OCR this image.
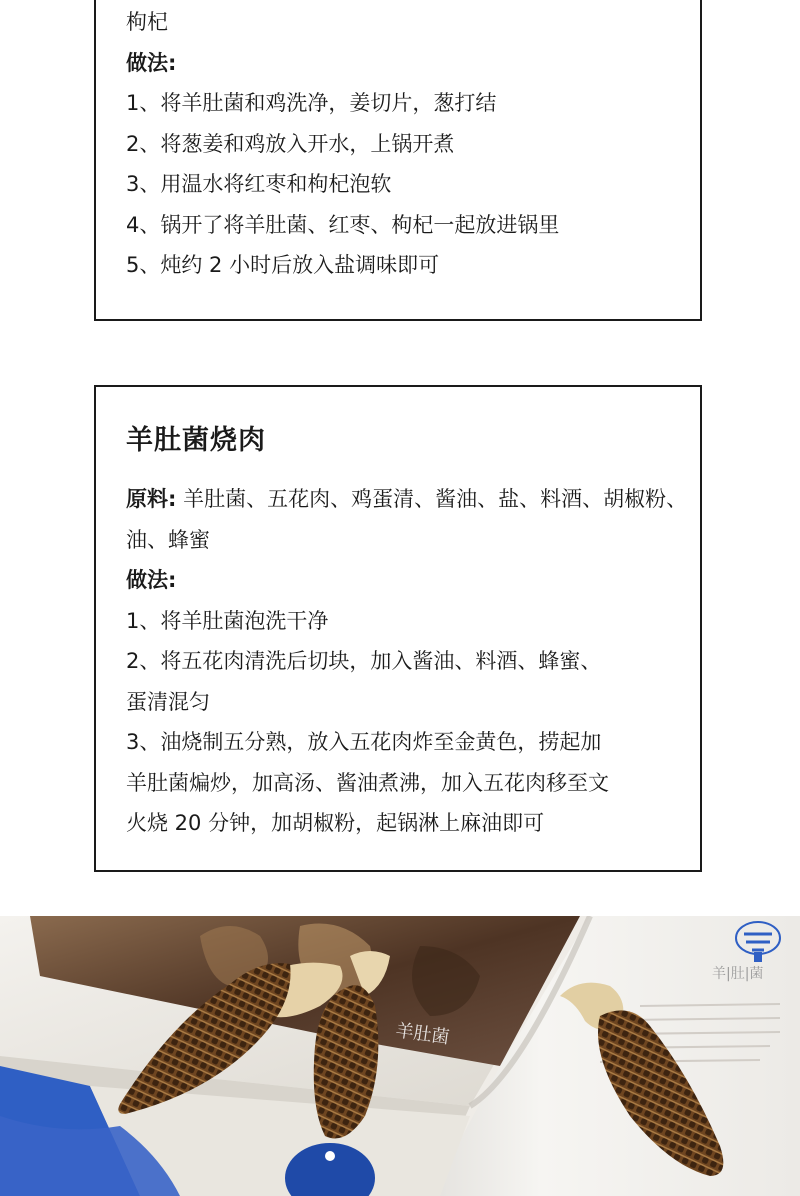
枸杞
做法:
1、将羊肚菌和鸡洗净，姜切片，葱打结
2、将葱姜和鸡放入开水，上锅开煮
3、用温水将红枣和枸杞泡软
4、锅开了将羊肚菌、红枣、枸杞一起放进锅里
5、炖约 2 小时后放入盐调味即可
羊肚菌烧肉
原料: 羊肚菌、五花肉、鸡蛋清、酱油、盐、料酒、胡椒粉、
油、蜂蜜
做法:
1、将羊肚菌泡洗干净
2、将五花肉清洗后切块，加入酱油、料酒、蜂蜜、
蛋清混匀
3、油烧制五分熟，放入五花肉炸至金黄色，捞起加
羊肚菌煸炒，加高汤、酱油煮沸，加入五花肉移至文
火烧 20 分钟，加胡椒粉，起锅淋上麻油即可
羊肚菌
羊|肚|菌
